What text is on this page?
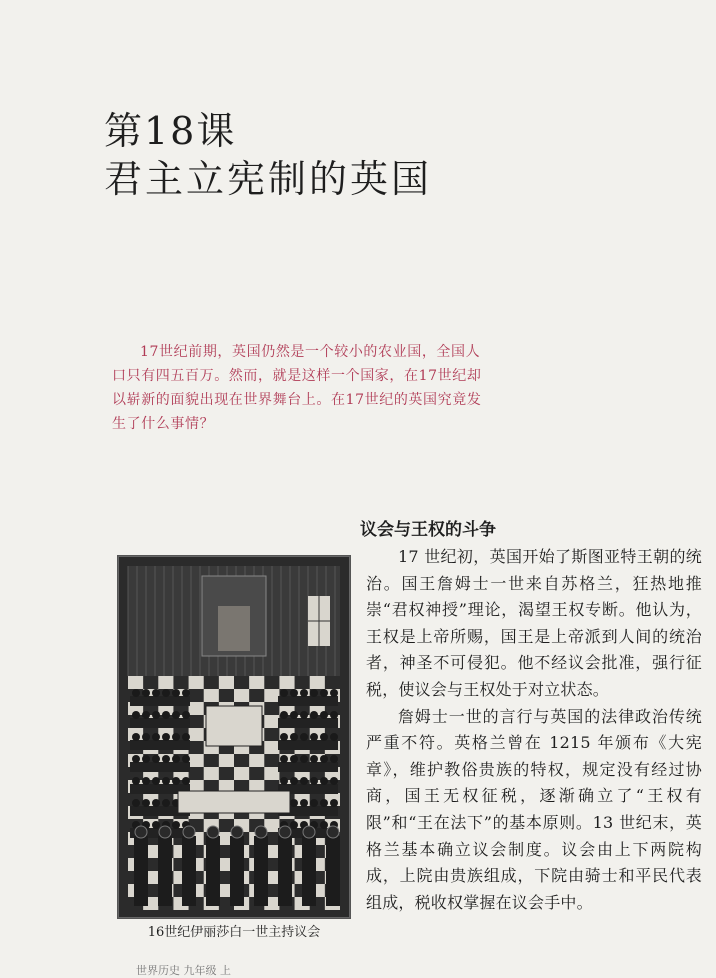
第18课
君主立宪制的英国
17世纪前期，英国仍然是一个较小的农业国，全国人口只有四五百万。然而，就是这样一个国家，在17世纪却以崭新的面貌出现在世界舞台上。在17世纪的英国究竟发生了什么事情？
议会与王权的斗争

17 世纪初，英国开始了斯图亚特王朝的统治。国王詹姆士一世来自苏格兰，狂热地推崇“君权神授”理论，渴望王权专断。他认为，王权是上帝所赐，国王是上帝派到人间的统治者，神圣不可侵犯。他不经议会批准，强行征税，使议会与王权处于对立状态。

詹姆士一世的言行与英国的法律政治传统严重不符。英格兰曾在 1215 年颁布《大宪章》，维护教俗贵族的特权，规定没有经过协商，国王无权征税，逐渐确立了“王权有限”和“王在法下”的基本原则。13 世纪末，英格兰基本确立议会制度。议会由上下两院构成，上院由贵族组成，下院由骑士和平民代表组成，税收权掌握在议会手中。

16世纪伊丽莎白一世主持议会
世界历史 九年级 上
